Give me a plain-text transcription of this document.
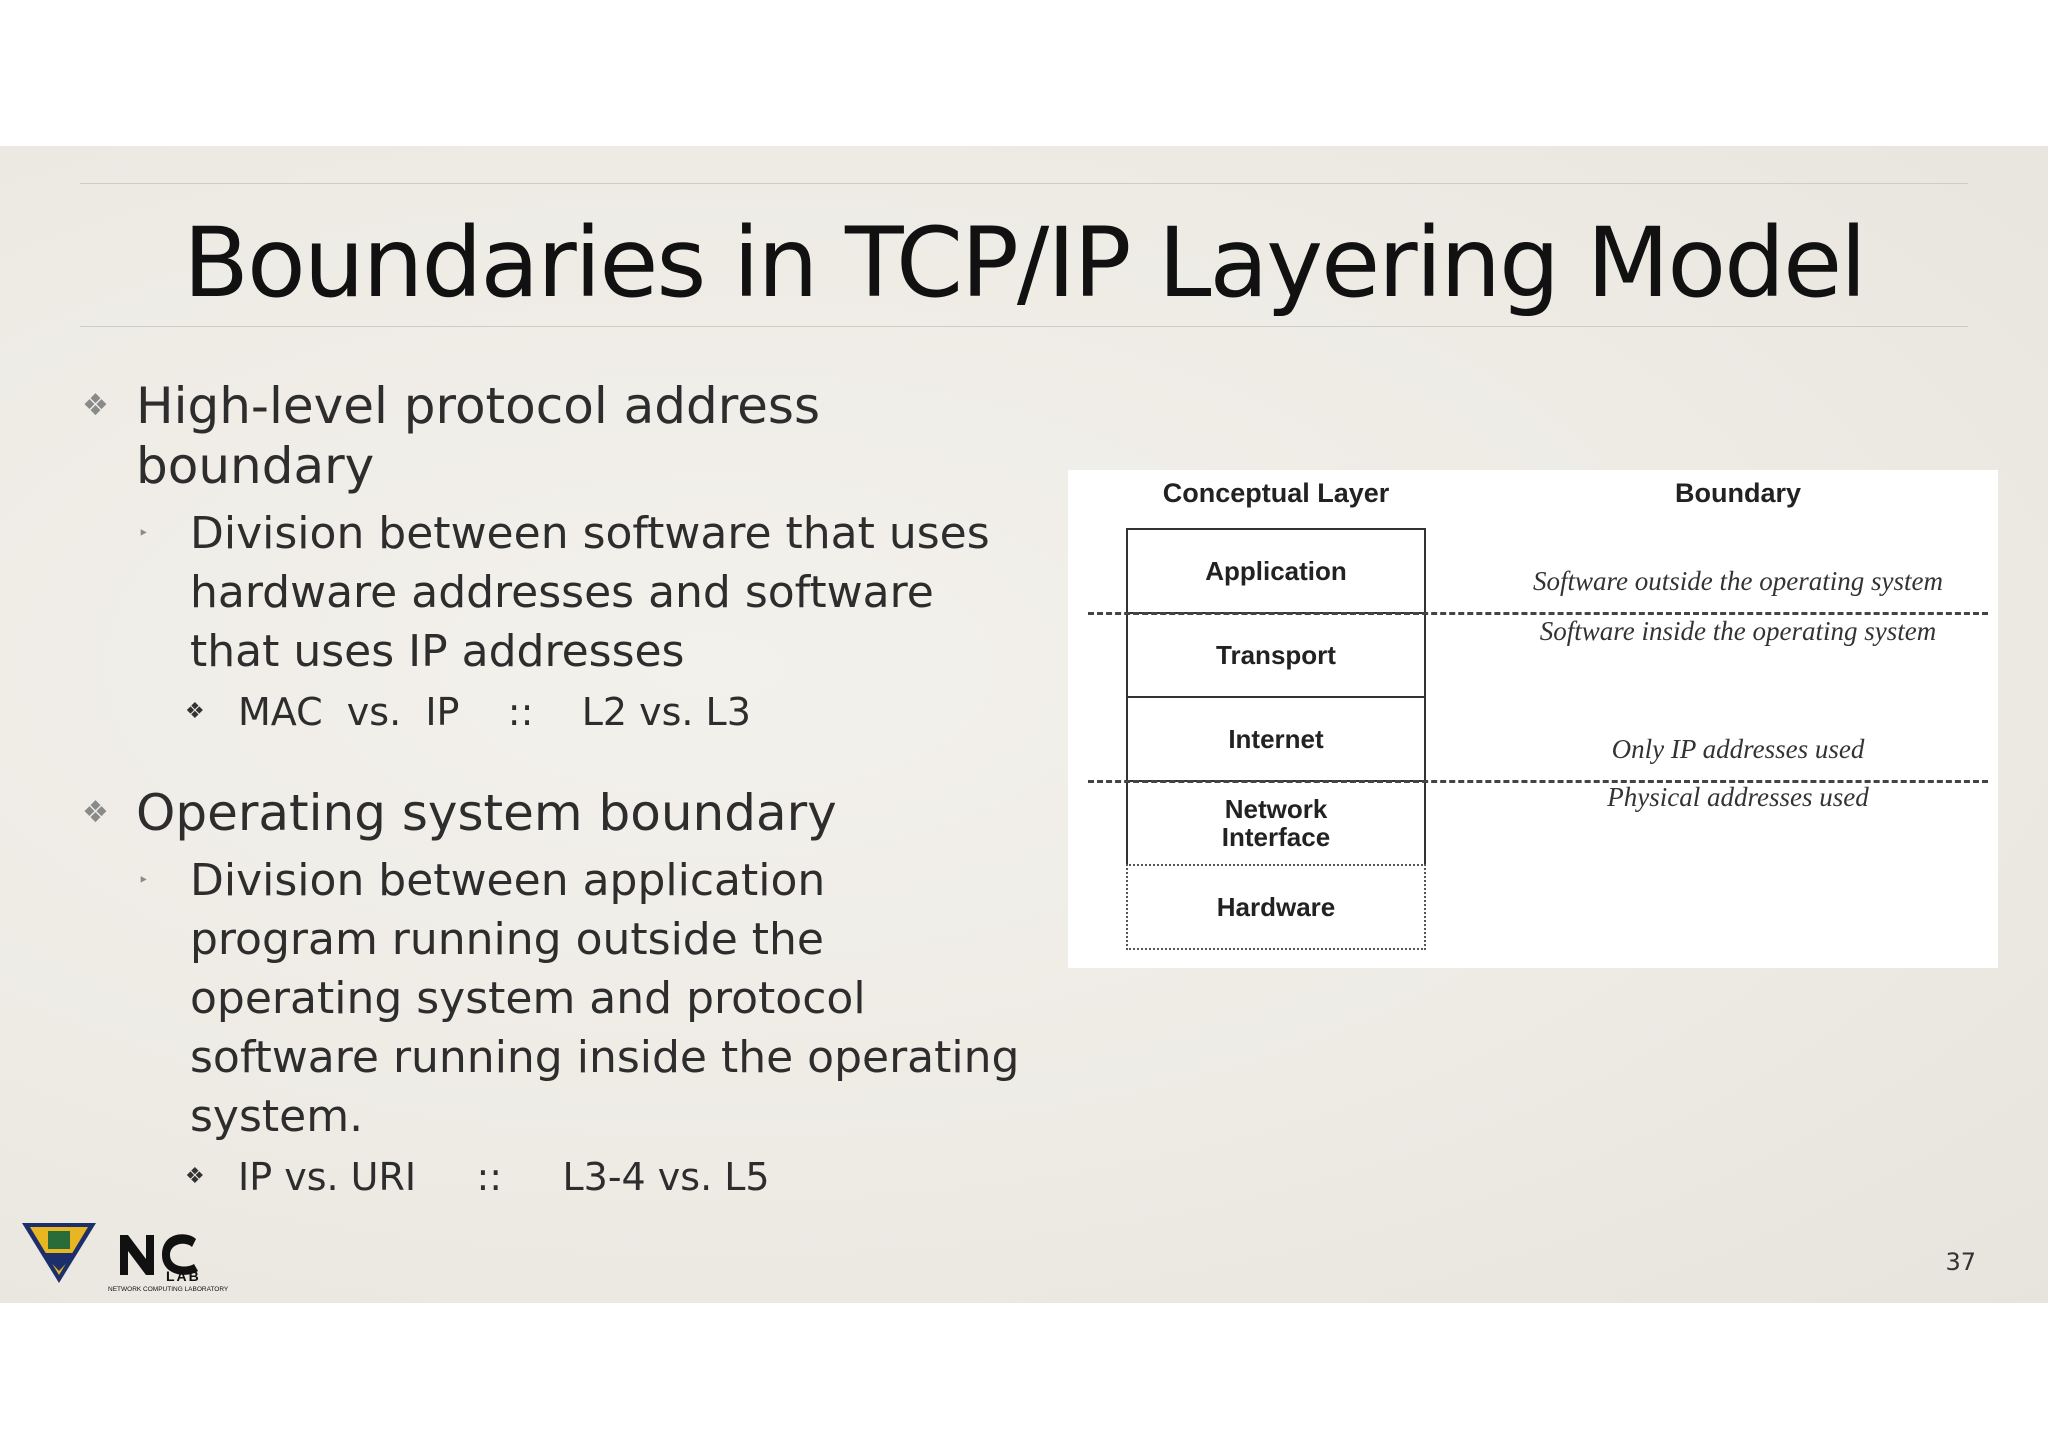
Boundaries in TCP/IP Layering Model
❖ High-level protocol address boundary
‣ Division between software that uses hardware addresses and software that uses IP addresses
❖ MAC  vs.  IP    ::    L2 vs. L3
❖ Operating system boundary
‣ Division between application program running outside the operating system and protocol software running inside the operating system.
❖ IP vs. URI     ::     L3-4 vs. L5
Conceptual Layer	Boundary
Application
Transport
Internet
Network Interface
Hardware
Software outside the operating system
Software inside the operating system
Only IP addresses used
Physical addresses used
LAB
NETWORK COMPUTING LABORATORY
37
